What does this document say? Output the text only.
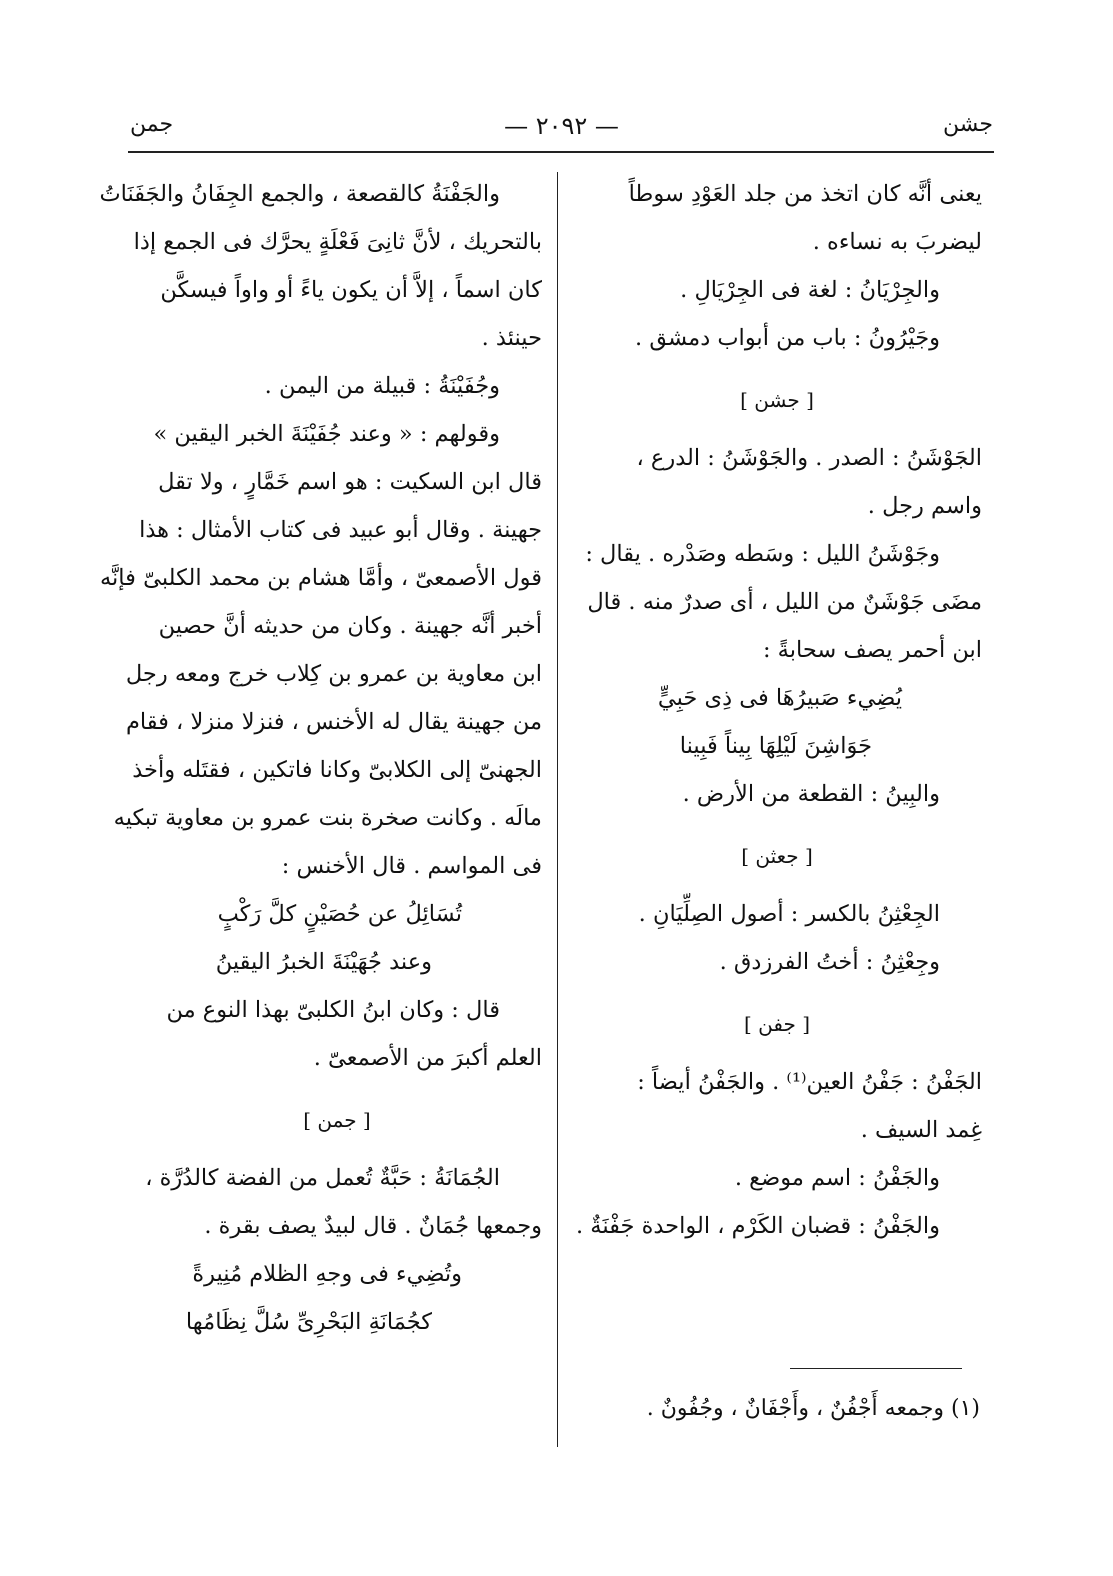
جشن
— ٢٠٩٢ —
جمن

يعنى أنَّه كان اتخذ من جلد العَوْدِ سوطاً

ليضربَ به نساءه .

والجِرْيَانُ : لغة فى الجِرْيَالِ .

وجَيْرُونُ : باب من أبواب دمشق .

[ جشن ]

الجَوْشَنُ : الصدر . والجَوْشَنُ : الدرع ،

واسم رجل .

وجَوْشَنُ الليل : وسَطه وصَدْره . يقال :

مضَى جَوْشَنٌ من الليل ، أى صدرٌ منه . قال

ابن أحمر يصف سحابةً :

يُضِيء صَبيرُهَا فى ذِى حَبِيٍّ

جَوَاشِنَ لَيْلِهَا بِيناً فَبِينا

والبِينُ : القطعة من الأرض .

[ جعثن ]

الجِعْثِنُ بالكسر : أصول الصِلِّيَانِ .

وجِعْثِنُ : أختُ الفرزدق .

[ جفن ]

الجَفْنُ : جَفْنُ العين⁽¹⁾ . والجَفْنُ أيضاً :

غِمد السيف .

والجَفْنُ : اسم موضع .

والجَفْنُ : قضبان الكَرْم ، الواحدة جَفْنَةٌ .

(١) وجمعه أَجْفُنٌ ، وأَجْفَانٌ ، وجُفُونٌ .

والجَفْنَةُ كالقصعة ، والجمع الجِفَانُ والجَفَنَاتُ

بالتحريك ، لأنَّ ثانِىَ فَعْلَةٍ يحرَّك فى الجمع إذا

كان اسماً ، إلاَّ أن يكون ياءً أو واواً فيسكَّن

حينئذ .

وجُفَيْنَةُ : قبيلة من اليمن .

وقولهم : « وعند جُفَيْنَةَ الخبر اليقين »

قال ابن السكيت : هو اسم خَمَّارٍ ، ولا تقل

جهينة . وقال أبو عبيد فى كتاب الأمثال : هذا

قول الأصمعىّ ، وأمَّا هشام بن محمد الكلبىّ فإنَّه

أخبر أنَّه جهينة . وكان من حديثه أنَّ حصين

ابن معاوية بن عمرو بن كِلاب خرج ومعه رجل

من جهينة يقال له الأخنس ، فنزلا منزلا ، فقام

الجهنىّ إلى الكلابىّ وكانا فاتكين ، فقتَله وأخذ

مالَه . وكانت صخرة بنت عمرو بن معاوية تبكيه

فى المواسم . قال الأخنس :

تُسَائِلُ عن حُصَيْنٍ كلَّ رَكْبٍ

وعند جُهَيْنَةَ الخبرُ اليقينُ

قال : وكان ابنُ الكلبىّ بهذا النوع من

العلم أكبرَ من الأصمعىّ .

[ جمن ]

الجُمَانَةُ : حَبَّةٌ تُعمل من الفضة كالدُرَّة ،

وجمعها جُمَانٌ . قال لبيدٌ يصف بقرة .

وتُضِيء فى وجهِ الظلام مُنِيرةً

كجُمَانَةِ البَحْرِىِّ سُلَّ نِظَامُها
